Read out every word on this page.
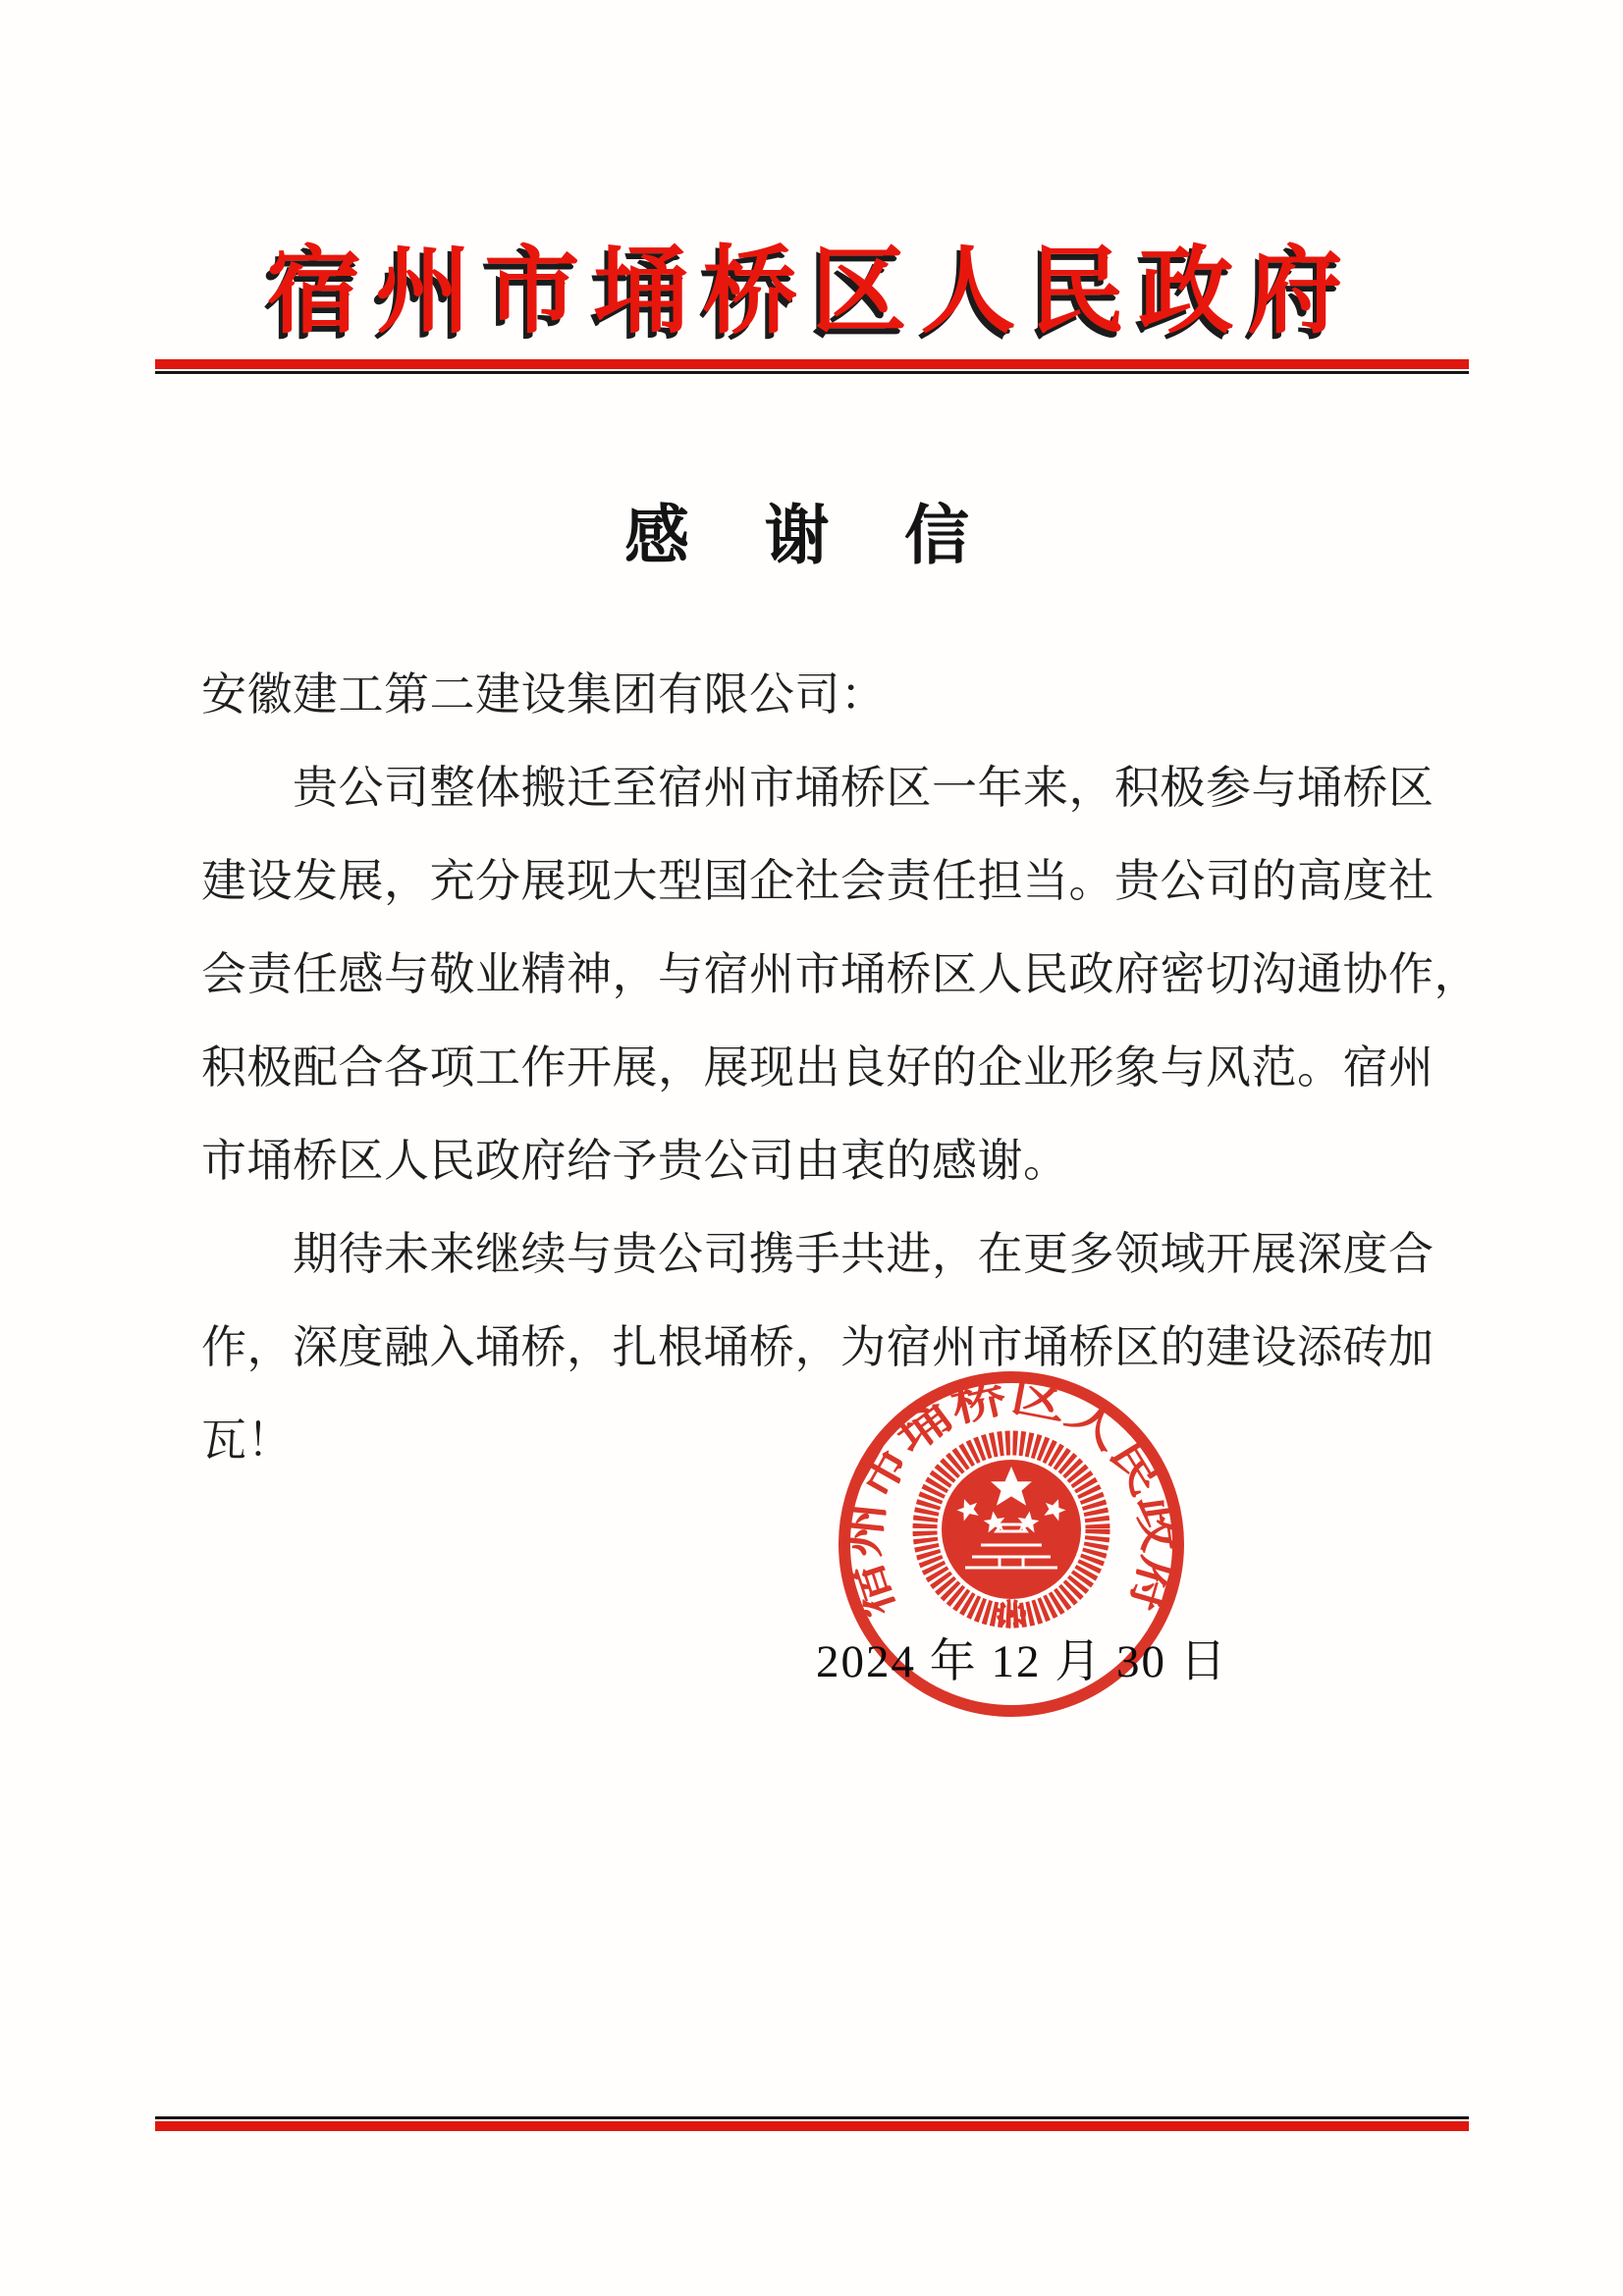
宿州市埇桥区人民政府
感 谢 信
安徽建工第二建设集团有限公司：
　　贵公司整体搬迁至宿州市埇桥区一年来，积极参与埇桥区
建设发展，充分展现大型国企社会责任担当。贵公司的高度社
会责任感与敬业精神，与宿州市埇桥区人民政府密切沟通协作，
积极配合各项工作开展，展现出良好的企业形象与风范。宿州
市埇桥区人民政府给予贵公司由衷的感谢。
　　期待未来继续与贵公司携手共进，在更多领域开展深度合
作，深度融入埇桥，扎根埇桥，为宿州市埇桥区的建设添砖加
瓦！
2024 年 12 月 30 日
宿州市埇桥区人民政府
